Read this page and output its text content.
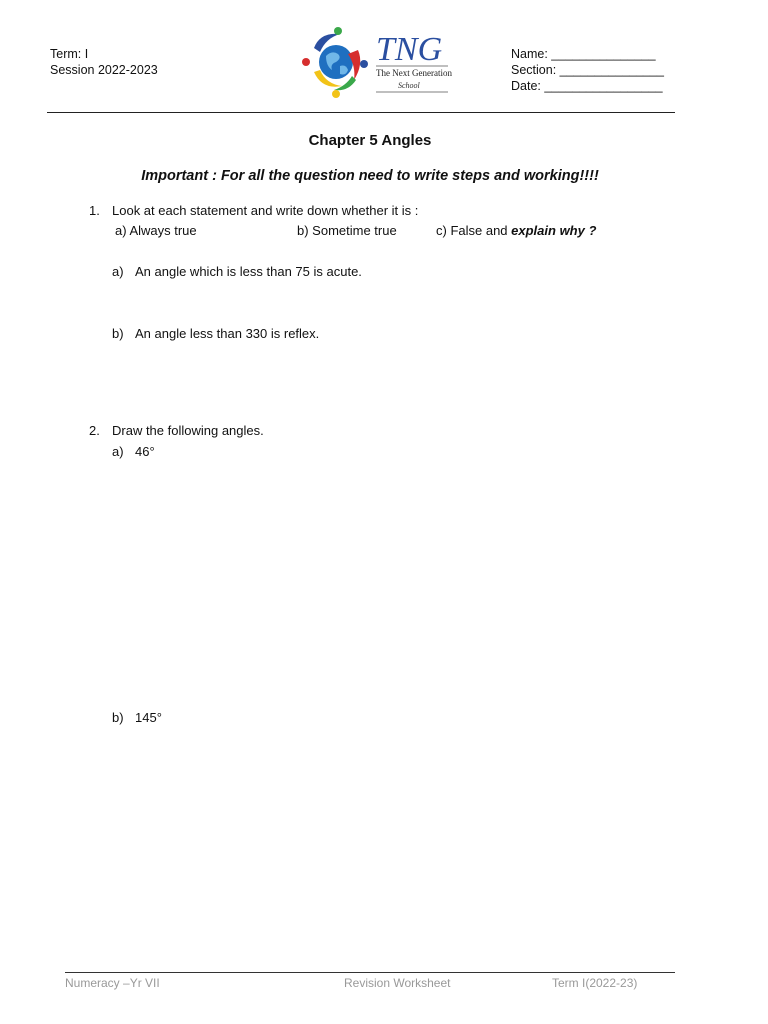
Term: I
Session 2022-2023
TNG
The Next Generation
School
Name: _______________
Section: _______________
Date: _________________
Chapter 5 Angles
Important : For all the question need to write steps and working!!!!
1. Look at each statement and write down whether it is :
a) Always true	b) Sometime true	c) False and explain why ?
a) An angle which is less than 75 is acute.
b) An angle less than 330 is reflex.
2. Draw the following angles.
a) 46°
b) 145°
Numeracy –Yr VII	Revision Worksheet	Term I(2022-23)
